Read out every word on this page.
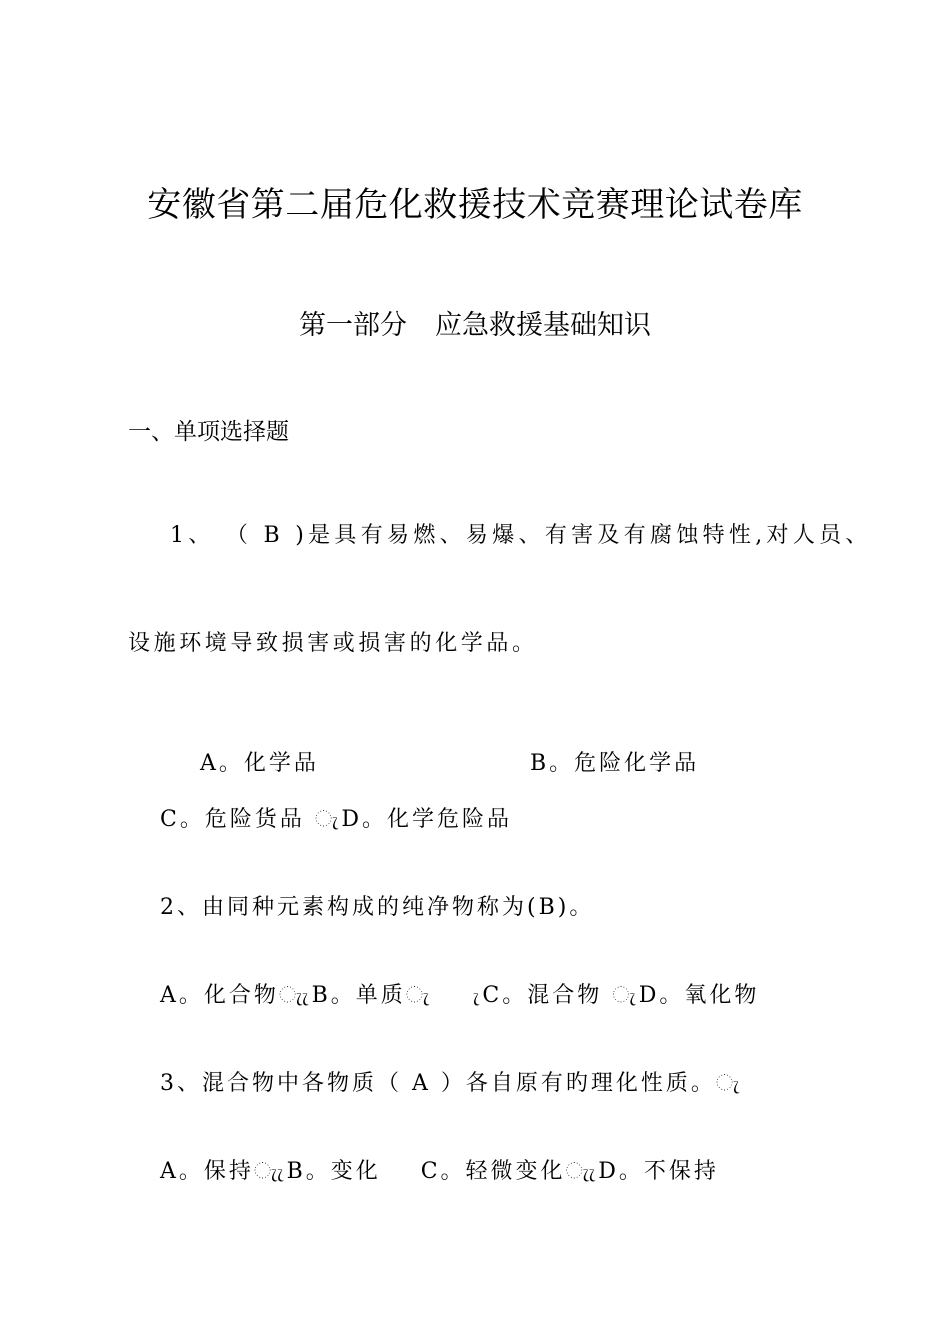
安徽省第二届危化救援技术竞赛理论试卷库
第一部分 应急救援基础知识
一、单项选择题
1、 （ B )是具有易燃、易爆、有害及有腐蚀特性,对人员、
设施环境导致损害或损害的化学品。

A。化学品	B。危险化学品

C。危险货品 ැD。化学危险品
2、由同种元素构成的纯净物称为(B)。
A。化合物ැැB。单质ැ    ැC。混合物 ැD。氧化物
3、混合物中各物质（ A ）各自原有旳理化性质。ැ
A。保持ැැB。变化    C。轻微变化ැැD。不保持
